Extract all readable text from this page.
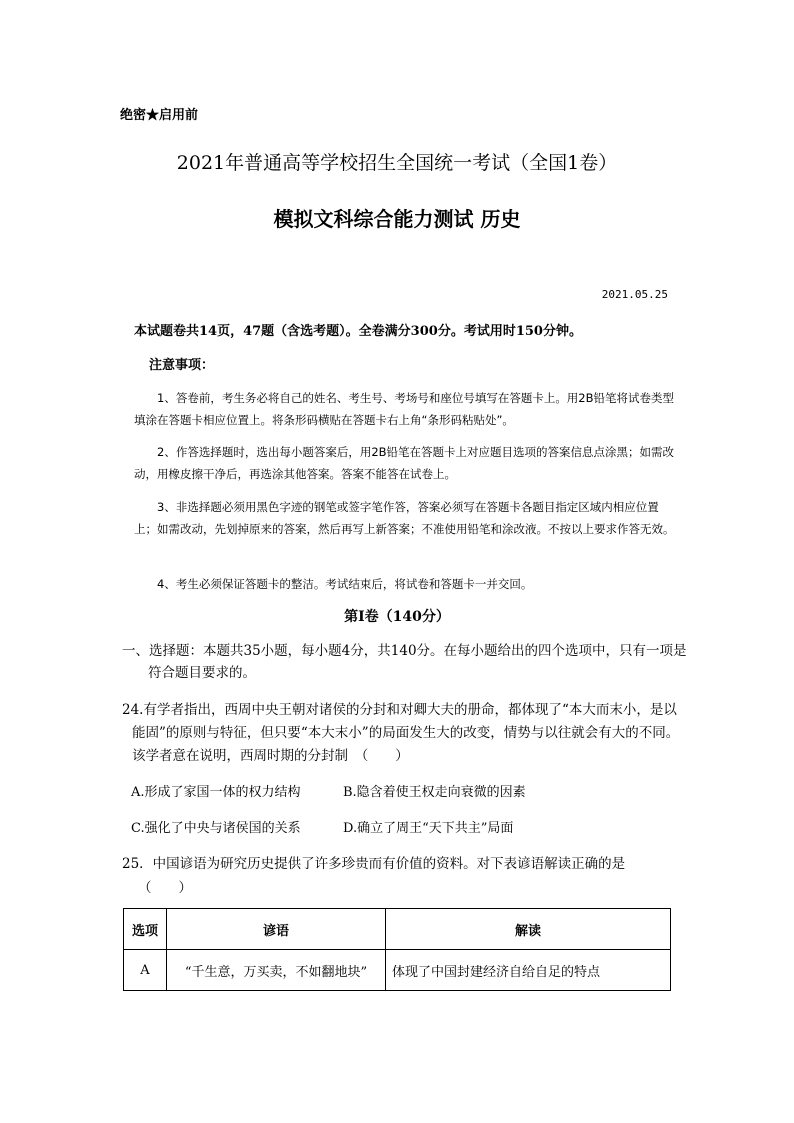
绝密★启用前
2021年普通高等学校招生全国统一考试（全国1卷）
模拟文科综合能力测试 历史
2021.05.25
本试题卷共14页，47题（含选考题）。全卷满分300分。考试用时150分钟。
注意事项：
1、答卷前，考生务必将自己的姓名、考生号、考场号和座位号填写在答题卡上。用2B铅笔将试卷类型填涂在答题卡相应位置上。将条形码横贴在答题卡右上角“条形码粘贴处”。
2、作答选择题时，选出每小题答案后，用2B铅笔在答题卡上对应题目选项的答案信息点涂黑；如需改动，用橡皮擦干净后，再选涂其他答案。答案不能答在试卷上。
3、非选择题必须用黑色字迹的钢笔或签字笔作答，答案必须写在答题卡各题目指定区域内相应位置上；如需改动，先划掉原来的答案，然后再写上新答案；不准使用铅笔和涂改液。不按以上要求作答无效。
4、考生必须保证答题卡的整洁。考试结束后，将试卷和答题卡一并交回。
第I卷（140分）
一、选择题：本题共35小题，每小题4分，共140分。在每小题给出的四个选项中，只有一项是符合题目要求的。
24.有学者指出，西周中央王朝对诸侯的分封和对卿大夫的册命，都体现了“本大而末小，是以能固”的原则与特征，但只要“本大末小”的局面发生大的改变，情势与以往就会有大的不同。该学者意在说明，西周时期的分封制　（　　）
A.形成了家国一体的权力结构	B.隐含着使王权走向衰微的因素
C.强化了中央与诸侯国的关系	D.确立了周王“天下共主”局面
25．中国谚语为研究历史提供了许多珍贵而有价值的资料。对下表谚语解读正确的是
（　　）
选项	谚语	解读
A	“千生意，万买卖，不如翻地块”	体现了中国封建经济自给自足的特点
